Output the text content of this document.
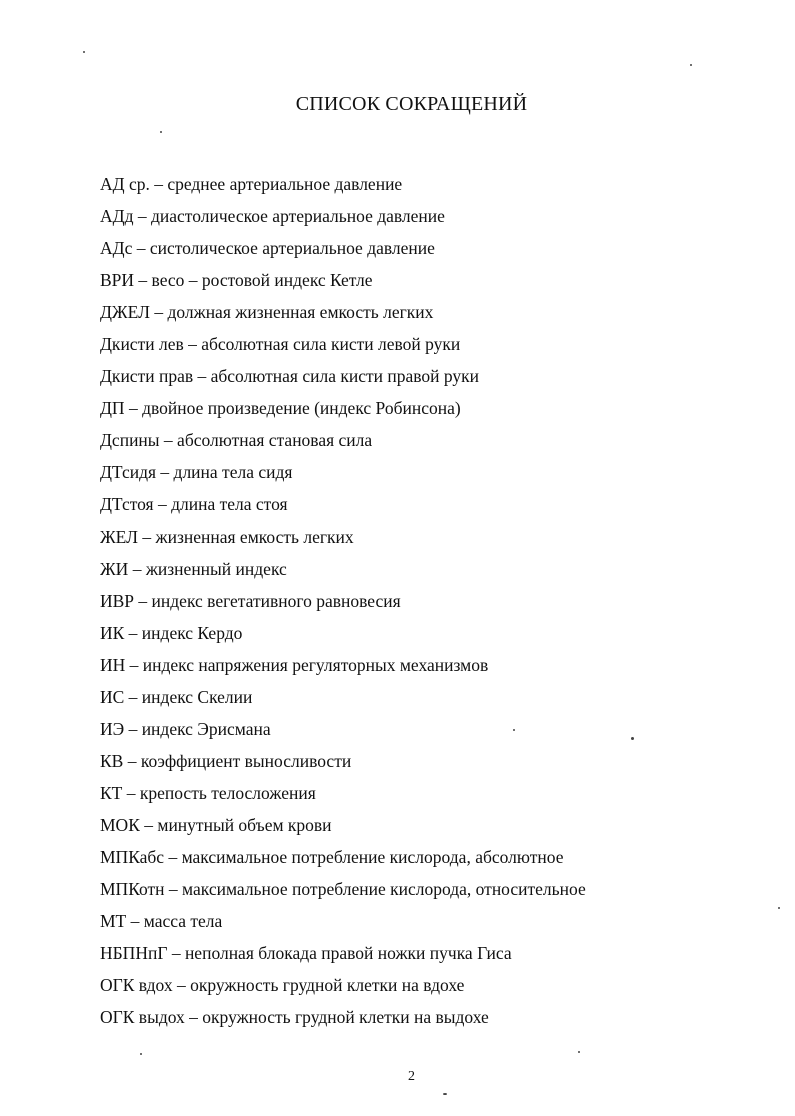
СПИСОК СОКРАЩЕНИЙ
АД ср. – среднее артериальное давление
АДд – диастолическое артериальное давление
АДс – систолическое артериальное давление
ВРИ – весо – ростовой индекс Кетле
ДЖЕЛ – должная жизненная емкость легких
Дкисти лев – абсолютная сила кисти левой руки
Дкисти прав – абсолютная сила кисти правой руки
ДП – двойное произведение (индекс Робинсона)
Дспины – абсолютная становая сила
ДТсидя – длина тела сидя
ДТстоя – длина тела стоя
ЖЕЛ – жизненная емкость легких
ЖИ – жизненный индекс
ИВР – индекс вегетативного равновесия
ИК – индекс Кердо
ИН – индекс напряжения регуляторных механизмов
ИС – индекс Скелии
ИЭ – индекс Эрисмана
КВ – коэффициент выносливости
КТ – крепость телосложения
МОК – минутный объем крови
МПКабс – максимальное потребление кислорода, абсолютное
МПКотн – максимальное потребление кислорода, относительное
МТ – масса тела
НБПНпГ – неполная блокада правой ножки пучка Гиса
ОГК вдох – окружность грудной клетки на вдохе
ОГК выдох – окружность грудной клетки на выдохе
2
